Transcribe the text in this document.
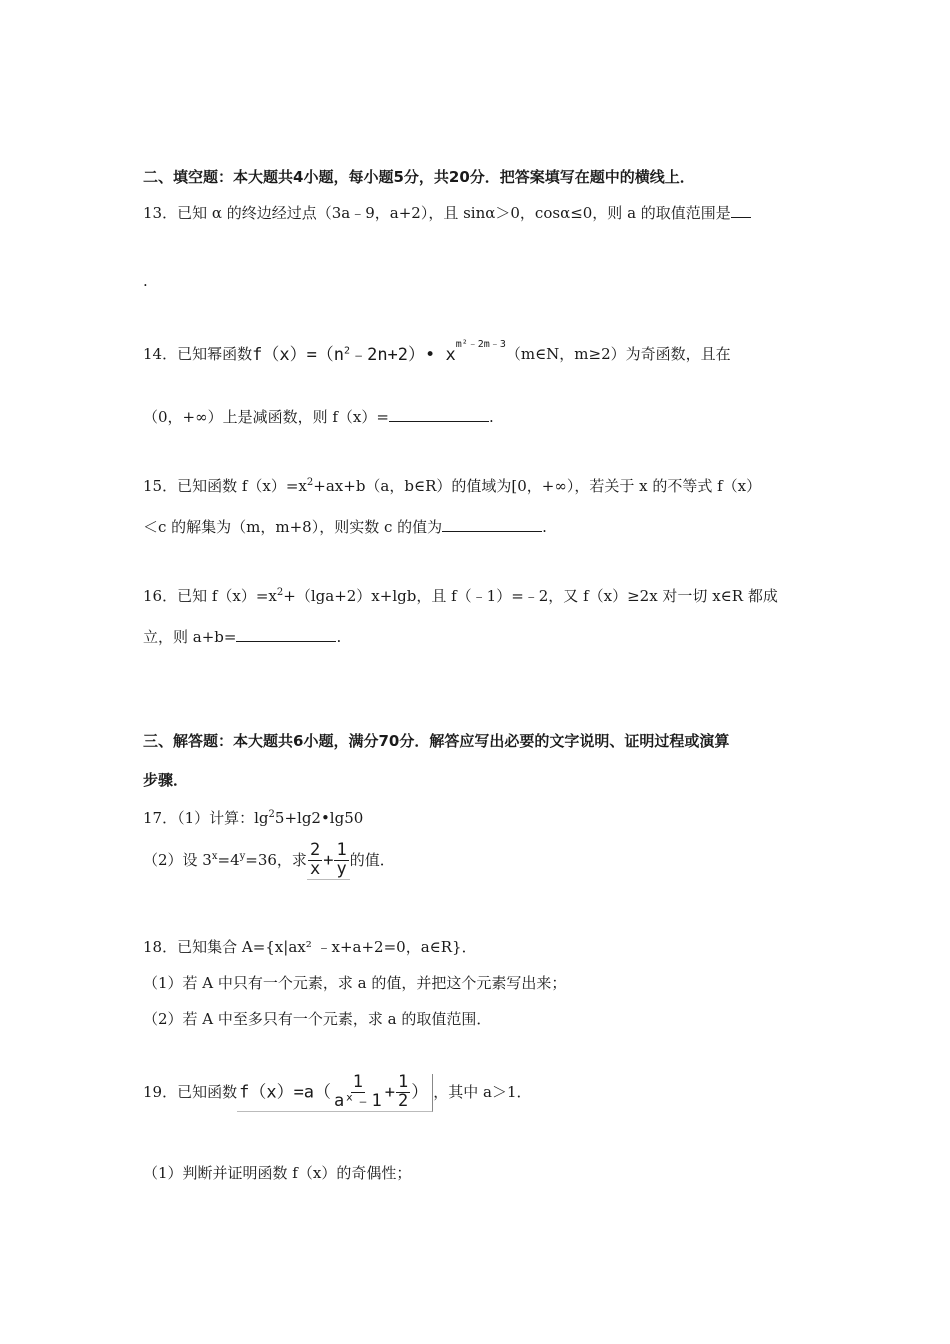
二、填空题：本大题共4小题，每小题5分，共20分．把答案填写在题中的横线上．
13．已知 α 的终边经过点（3a﹣9，a+2），且 sinα＞0，cosα≤0，则 a 的取值范围是
.
14．已知幂函数$f(x)=(n^2﹣2n+2)•$ $x^{m^2﹣2m﹣3}(m\in N$，m≥2）为奇函数，且在
（0，+∞）上是减函数，则 f（x）=	.
15．已知函数 $f(x)=x^2+ax+b(a$，b∈R）的值域为[0，+∞），若关于 x 的不等式 f（x）
＜c 的解集为（m，m+8），则实数 c 的值为	.
16．已知 $f(x)=x^2+(\lg a+2)x+\lg b$，且 f（﹣1）=﹣2，又 f（x）≥2x 对一切 x∈R 都成
立，则 a+b=	.
三、解答题：本大题共6小题，满分70分．解答应写出必要的文字说明、证明过程或演算
步骤．
17．（1）计算：$\lg^25+\lg 2•\lg 50$
（2）设 $3^x=4^y=36$，求 $\frac{2}{x} + \frac{1}{y}$ 的值．
18．已知集合 A={x|ax² ﹣x+a+2=0，a∈R}．
（1）若 A 中只有一个元素，求 a 的值，并把这个元素写出来；
（2）若 A 中至多只有一个元素，求 a 的取值范围．
19．已知函数 $f(x)=a( \frac{1}{\text{aˣ﹣1}} + \frac{1}{2}$ ） ，其中 a＞1．
（1）判断并证明函数 f（x）的奇偶性；
